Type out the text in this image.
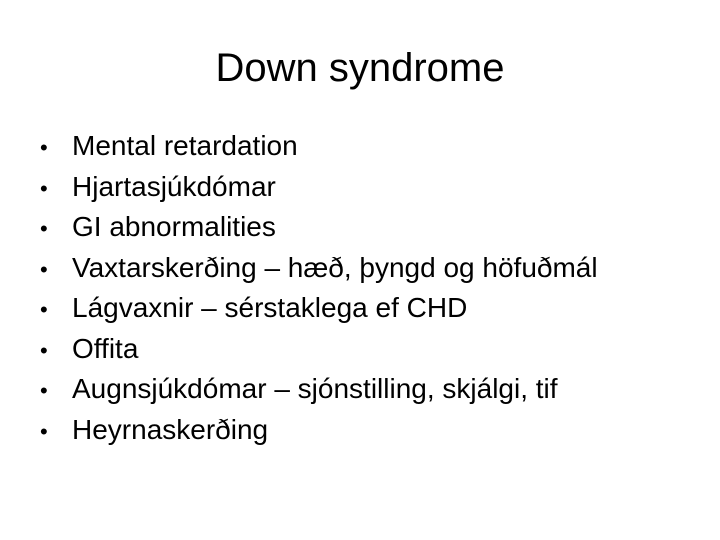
Down syndrome
• Mental retardation
• Hjartasjúkdómar
• GI abnormalities
• Vaxtarskerðing – hæð, þyngd og höfuðmál
• Lágvaxnir – sérstaklega ef CHD
• Offita
• Augnsjúkdómar – sjónstilling, skjálgi, tif
• Heyrnaskerðing
